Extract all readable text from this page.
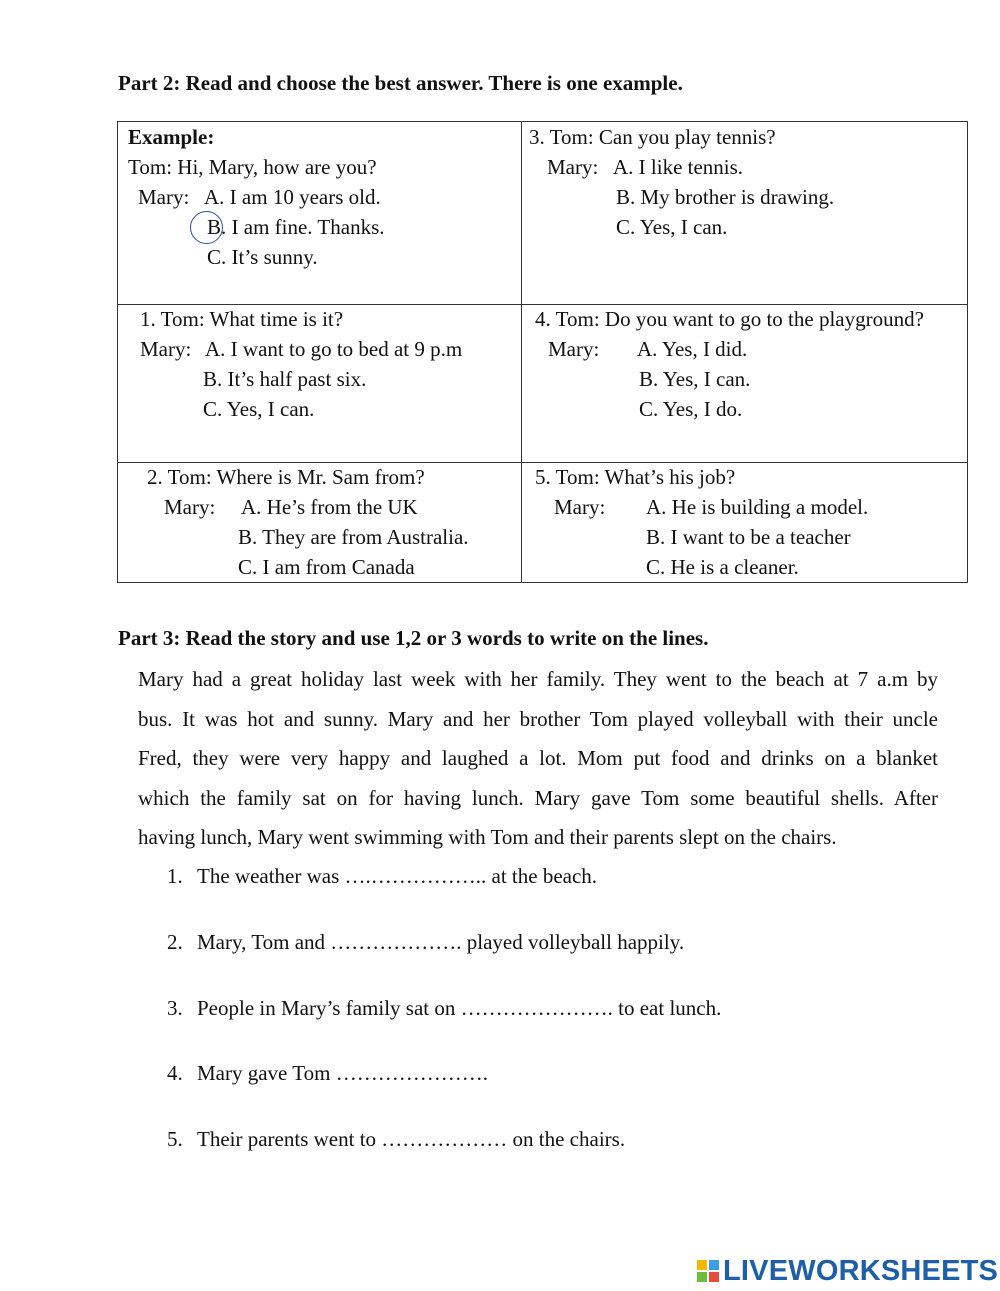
Part 2: Read and choose the best answer. There is one example.
Example:
Tom: Hi, Mary, how are you?
Mary: A. I am 10 years old.
B. I am fine. Thanks.
C. It’s sunny.
3. Tom: Can you play tennis?
Mary: A. I like tennis.
B. My brother is drawing.
C. Yes, I can.
1. Tom: What time is it?
Mary: A. I want to go to bed at 9 p.m
B. It’s half past six.
C. Yes, I can.
4. Tom: Do you want to go to the playground?
Mary: A. Yes, I did.
B. Yes, I can.
C. Yes, I do.
2. Tom: Where is Mr. Sam from?
Mary: A. He’s from the UK
B. They are from Australia.
C. I am from Canada
5. Tom: What’s his job?
Mary: A. He is building a model.
B. I want to be a teacher
C. He is a cleaner.
Part 3: Read the story and use 1,2 or 3 words to write on the lines.
Mary had a great holiday last week with her family. They went to the beach at 7 a.m by
bus. It was hot and sunny. Mary and her brother Tom played volleyball with their uncle
Fred, they were very happy and laughed a lot. Mom put food and drinks on a blanket
which the family sat on for having lunch. Mary gave Tom some beautiful shells. After
having lunch, Mary went swimming with Tom and their parents slept on the chairs.
1. The weather was ….…………….. at the beach.
2. Mary, Tom and ………………. played volleyball happily.
3. People in Mary’s family sat on …………………. to eat lunch.
4. Mary gave Tom ………………….
5. Their parents went to ……………… on the chairs.
LIVEWORKSHEETS
